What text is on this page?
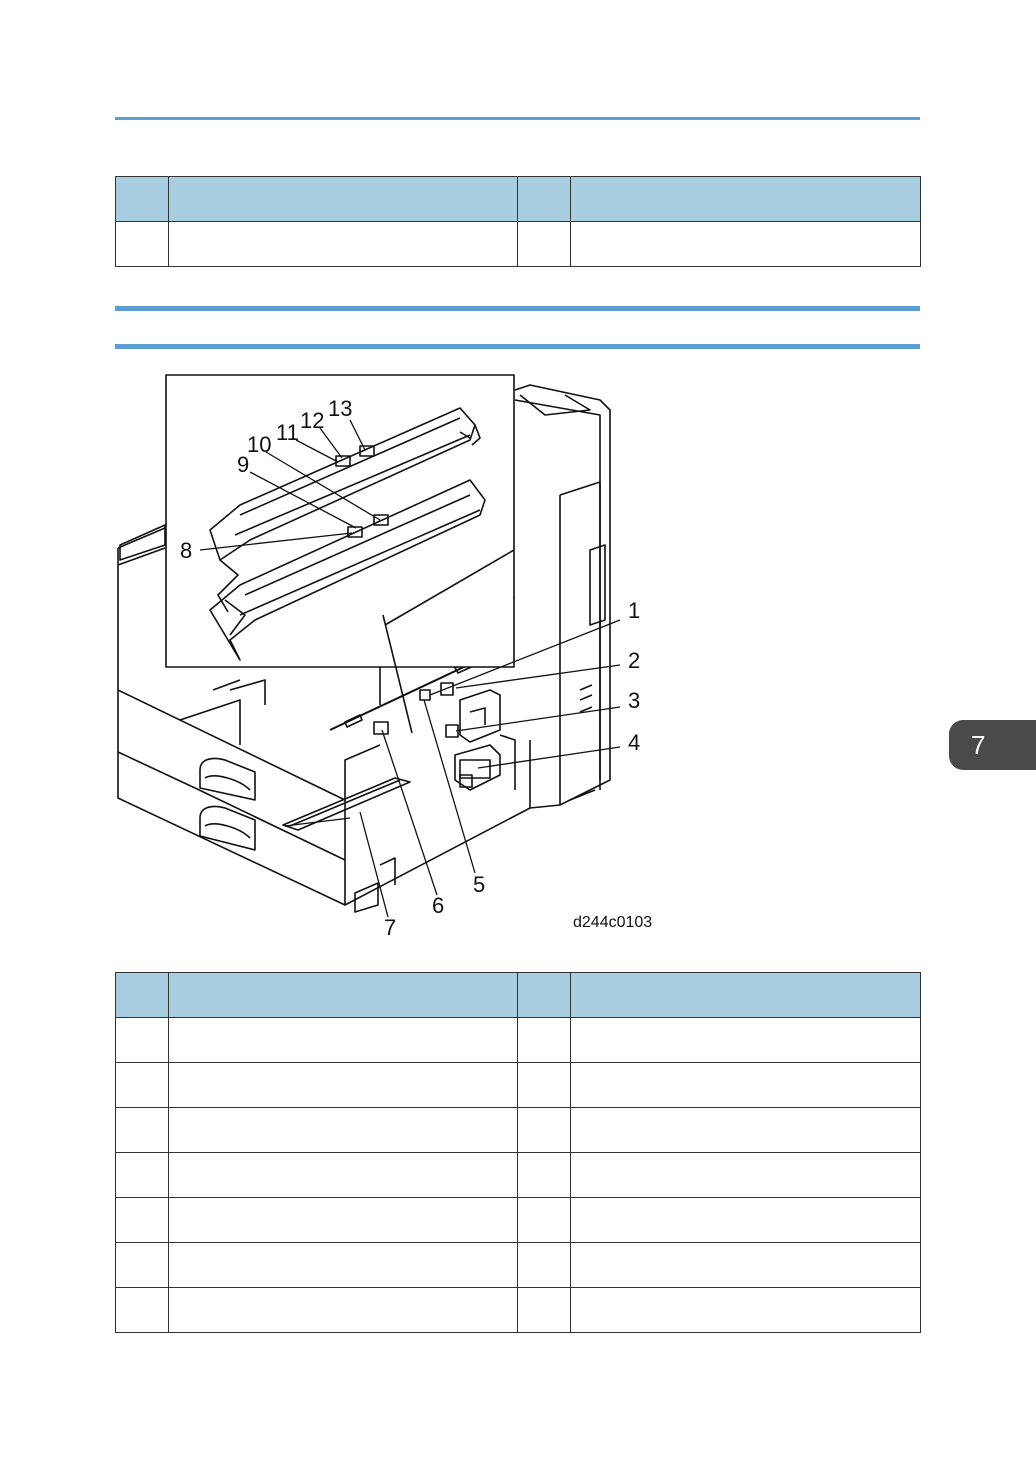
1
2
3
4
5
6
7
8
9
10 11 12 13
d244c0103

7
